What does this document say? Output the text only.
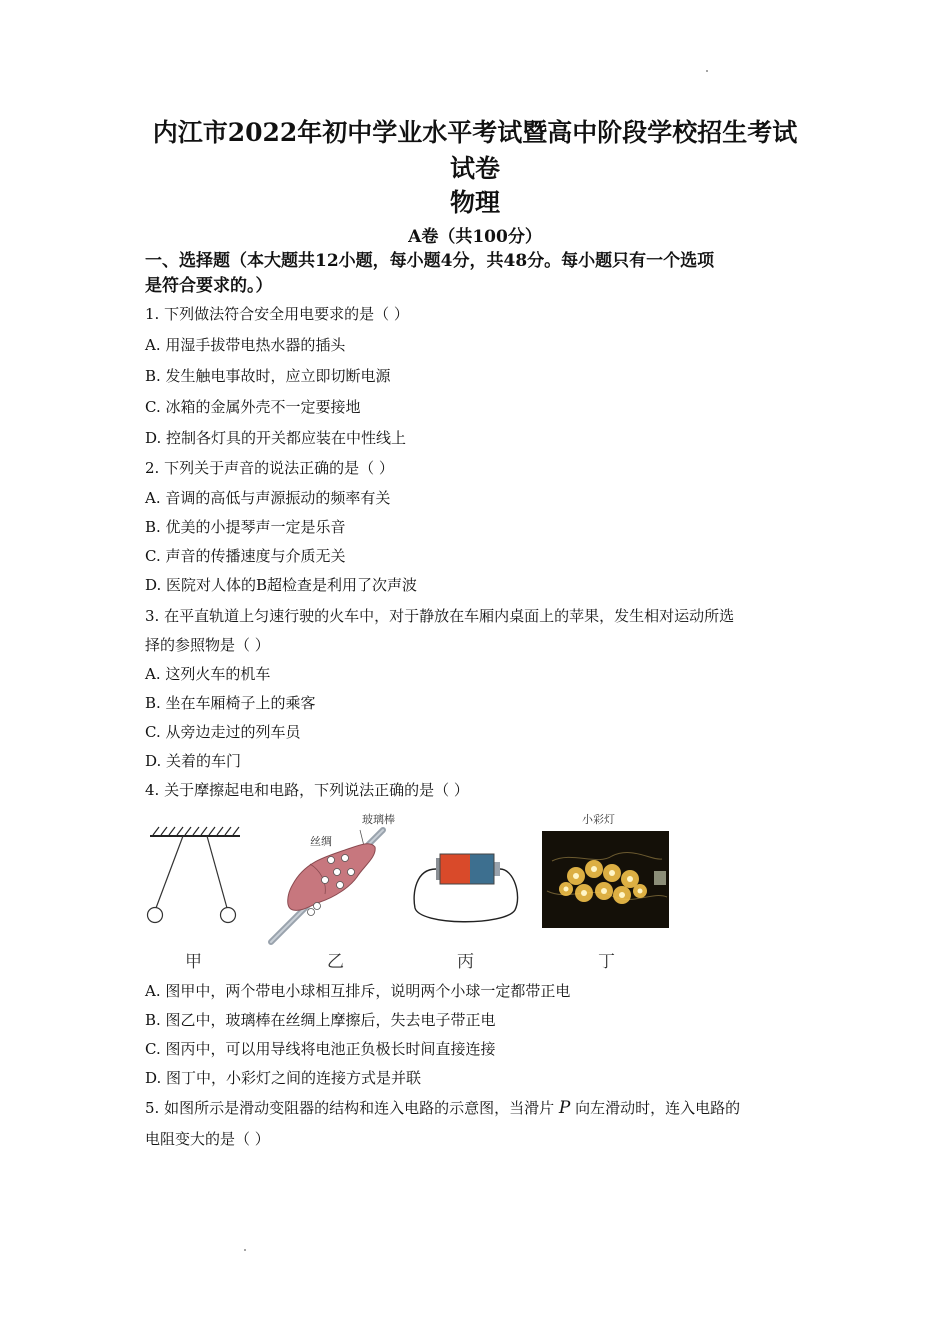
内江市2022年初中学业水平考试暨高中阶段学校招生考试
试卷
物理
A卷（共100分）
一、选择题（本大题共12小题，每小题4分，共48分。每小题只有一个选项
是符合要求的。）
1. 下列做法符合安全用电要求的是（ ）
A. 用湿手拔带电热水器的插头
B. 发生触电事故时，应立即切断电源
C. 冰箱的金属外壳不一定要接地
D. 控制各灯具的开关都应装在中性线上
2. 下列关于声音的说法正确的是（ ）
A. 音调的高低与声源振动的频率有关
B. 优美的小提琴声一定是乐音
C. 声音的传播速度与介质无关
D. 医院对人体的B超检查是利用了次声波
3. 在平直轨道上匀速行驶的火车中，对于静放在车厢内桌面上的苹果，发生相对运动所选
择的参照物是（ ）
A. 这列火车的机车
B. 坐在车厢椅子上的乘客
C. 从旁边走过的列车员
D. 关着的车门
4. 关于摩擦起电和电路，下列说法正确的是（ ）
玻璃棒
丝绸
小彩灯
甲	乙	丙	丁
A. 图甲中，两个带电小球相互排斥，说明两个小球一定都带正电
B. 图乙中，玻璃棒在丝绸上摩擦后，失去电子带正电
C. 图丙中，可以用导线将电池正负极长时间直接连接
D. 图丁中，小彩灯之间的连接方式是并联
5. 如图所示是滑动变阻器的结构和连入电路的示意图，当滑片 P 向左滑动时，连入电路的
电阻变大的是（ ）
